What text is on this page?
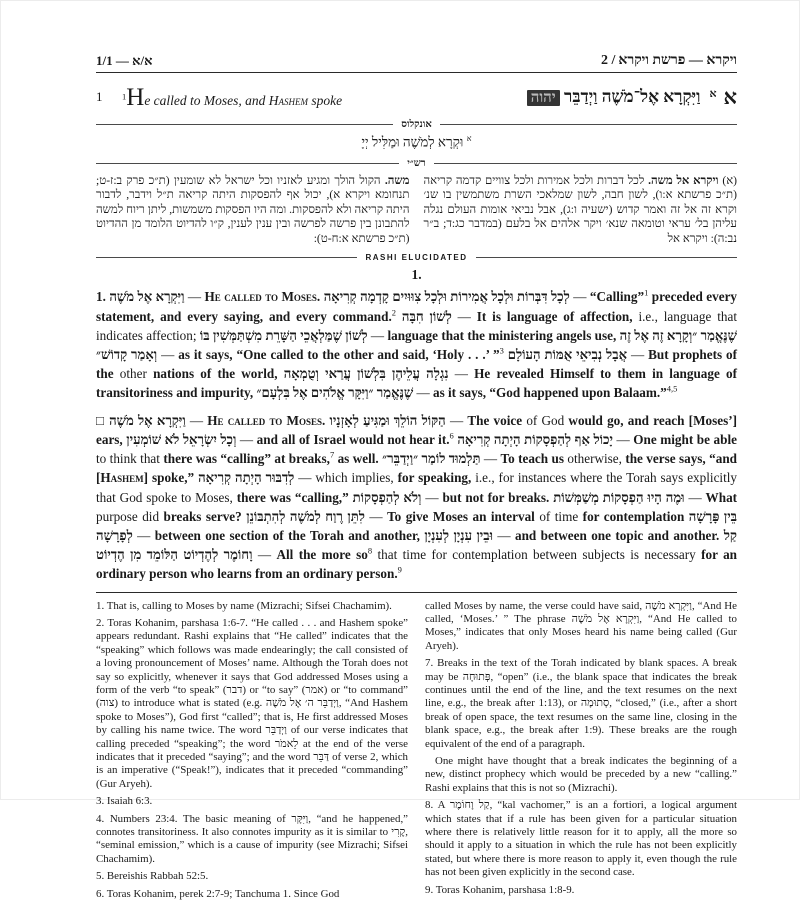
1/1 — א/א	2 / ויקרא — פרשת ויקרא
1	$^1$He called to Moses, and Hashem spoke	וַיִּקְרָא אֶל־מֹשֶׁה וַיְדַבֵּר יהוה	א א
אונקלוס
$^א$ וּקְרָא לְמֹשֶׁה וּמַלִּיל יְיָ
רש״י
(א) ויקרא אל משה. לכל דברות ולכל אמירות ולכל צוויים קדמה קריאה (ת״כ פרשתא א:ו), לשון חבה, לשון שמלאכי השרת משתמשין בו שנ׳ וקרא זה אל זה ואמר קדוש (ישעיה ו:ג), אבל נביאי אומות העולם נגלה עליהן בל׳ עראי וטומאה שנא׳ ויקר אלהים אל בלעם (במדבר כג:ד; ב״ר נב:ה): ויקרא אל
משה. הקול הולך ומגיע לאזניו וכל ישראל לא שומעין (ת״כ פרק ב:ז-ט; תנחומא ויקרא א), יכול אף להפסקות היתה קריאה ת״ל וידבר, לדבור היתה קריאה ולא להפסקות. ומה היו הפסקות משמשות, ליתן ריוח למשה להתבונן בין פרשה לפרשה ובין ענין לענין, ק״ו להדיוט הלומד מן ההדיוט (ת״כ פרשתא א:ח-ט):
RASHI ELUCIDATED
1.

1. וַיִּקְרָא אֶל מֹשֶׁה — He called to Moses. לְכָל דִּבְּרוֹת וּלְכָל אֲמִירוֹת וּלְכָל צִוּוּיִים קָדְמָה קְרִיאָה — “Calling”$^1$ preceded every statement, and every saying, and every command.$^2$ לְשׁוֹן חִבָּה — It is language of affection, i.e., language that indicates affection; לְשׁוֹן שֶׁמַּלְאֲכֵי הַשָּׁרֵת מִשְׁתַּמְּשִׁין בּוֹ — language that the ministering angels use, שֶׁנֶּאֱמַר ״וְקָרָא זֶה אֶל זֶה וְאָמַר קָדוֹשׁ״ — as it says, “One called to the other and said, ‘Holy . . .’ ”$^3$ אֲבָל נְבִיאֵי אֻמּוֹת הָעוֹלָם — But prophets of the other nations of the world, נִגְלָה עֲלֵיהֶן בִּלְשׁוֹן עֲרַאי וְטֻמְאָה — He revealed Himself to them in language of transitoriness and impurity, שֶׁנֶּאֱמַר ״וַיִּקָּר אֱלֹהִים אֶל בִּלְעָם״ — as it says, “God happened upon Balaam.”$^{4,5}$

□ וַיִּקְרָא אֶל מֹשֶׁה — He called to Moses. הַקּוֹל הוֹלֵךְ וּמַגִּיעַ לְאָזְנָיו — The voice of God would go, and reach [Moses’] ears, וְכָל יִשְׂרָאֵל לֹא שׁוֹמְעִין — and all of Israel would not hear it.$^6$ יָכוֹל אַף לְהַפְסָקוֹת הָיְתָה קְרִיאָה — One might be able to think that there was “calling” at breaks,$^7$ as well. תַּלְמוּד לוֹמַר ״וַיְדַבֵּר״ — To teach us otherwise, the verse says, “and [Hashem] spoke,” לְדִבּוּר הָיְתָה קְרִיאָה — which implies, for speaking, i.e., for instances where the Torah says explicitly that God spoke to Moses, there was “calling,” וְלֹא לְהַפְסָקוֹת — but not for breaks. וּמֶה הָיוּ הַפְסָקוֹת מְשַׁמְּשׁוֹת — What purpose did breaks serve? לִתֵּן רֶוַח לְמֹשֶׁה לְהִתְבּוֹנֵן — To give Moses an interval of time for contemplation בֵּין פָּרָשָׁה לְפָרָשָׁה — between one section of the Torah and another, וּבֵין עִנְיָן לְעִנְיָן — and between one topic and another. קַל וָחוֹמֶר לְהֶדְיוֹט הַלּוֹמֵד מִן הֶדְיוֹט — All the more $so^8$ that time for contemplation between subjects is necessary for an ordinary person who learns from an ordinary person.$^9$

1. That is, calling to Moses by name (Mizrachi; Sifsei Chachamim).

2. Toras Kohanim, parshasa 1:6-7. “He called . . . and Hashem spoke” appears redundant. Rashi explains that “He called” indicates that the “speaking” which follows was made endearingly; the call consisted of a loving pronouncement of Moses’ name. Although the Torah does not say so explicitly, whenever it says that God addressed Moses using a form of the verb “to speak” (דבר) or “to say” (אמר) or “to command” (צוה) to introduce what is stated (e.g. וַיְדַבֵּר ה׳ אֶל מֹשֶׁה, “And Hashem spoke to Moses”), God first “called”; that is, He first addressed Moses by calling his name twice. The word וַיְדַבֵּר of our verse indicates that calling preceded “speaking”; the word לֵאמֹר at the end of the verse indicates that it preceded “saying”; and the word דַּבֵּר of verse 2, which is an imperative (“Speak!”), indicates that it preceded “commanding” (Gur Aryeh).

3. Isaiah 6:3.

4. Numbers 23:4. The basic meaning of וַיִּקָּר, “and he happened,” connotes transitoriness. It also connotes impurity as it is similar to קֶרִי, “seminal emission,” which is a cause of impurity (see Mizrachi; Sifsei Chachamim).

5. Bereishis Rabbah 52:5.

6. Toras Kohanim, perek 2:7-9; Tanchuma 1. Since God

called Moses by name, the verse could have said, וַיִּקְרָא מֹשֶׁה, “And He called, ‘Moses.’ ” The phrase וַיִּקְרָא אֶל מֹשֶׁה, “And He called to Moses,” indicates that only Moses heard his name being called (Gur Aryeh).

7. Breaks in the text of the Torah indicated by blank spaces. A break may be פְּתוּחָה, “open” (i.e., the blank space that indicates the break continues until the end of the line, and the text resumes on the next line, e.g., the break after 1:13), or סְתוּמָה, “closed,” (i.e., after a short break of open space, the text resumes on the same line, closing in the blank space, e.g., the break after 1:9). These breaks are the rough equivalent of the end of a paragraph.

One might have thought that a break indicates the beginning of a new, distinct prophecy which would be preceded by a new “calling.” Rashi explains that this is not so (Mizrachi).

8. A קַל וָחוֹמֶר, “kal vachomer,” is an a fortiori, a logical argument which states that if a rule has been given for a particular situation where there is relatively little reason for it to apply, all the more so should it apply to a situation in which the rule has not been explicitly stated, but where there is more reason to apply it, even though the rule has not been given explicitly in the second case.

9. Toras Kohanim, parshasa 1:8-9.
